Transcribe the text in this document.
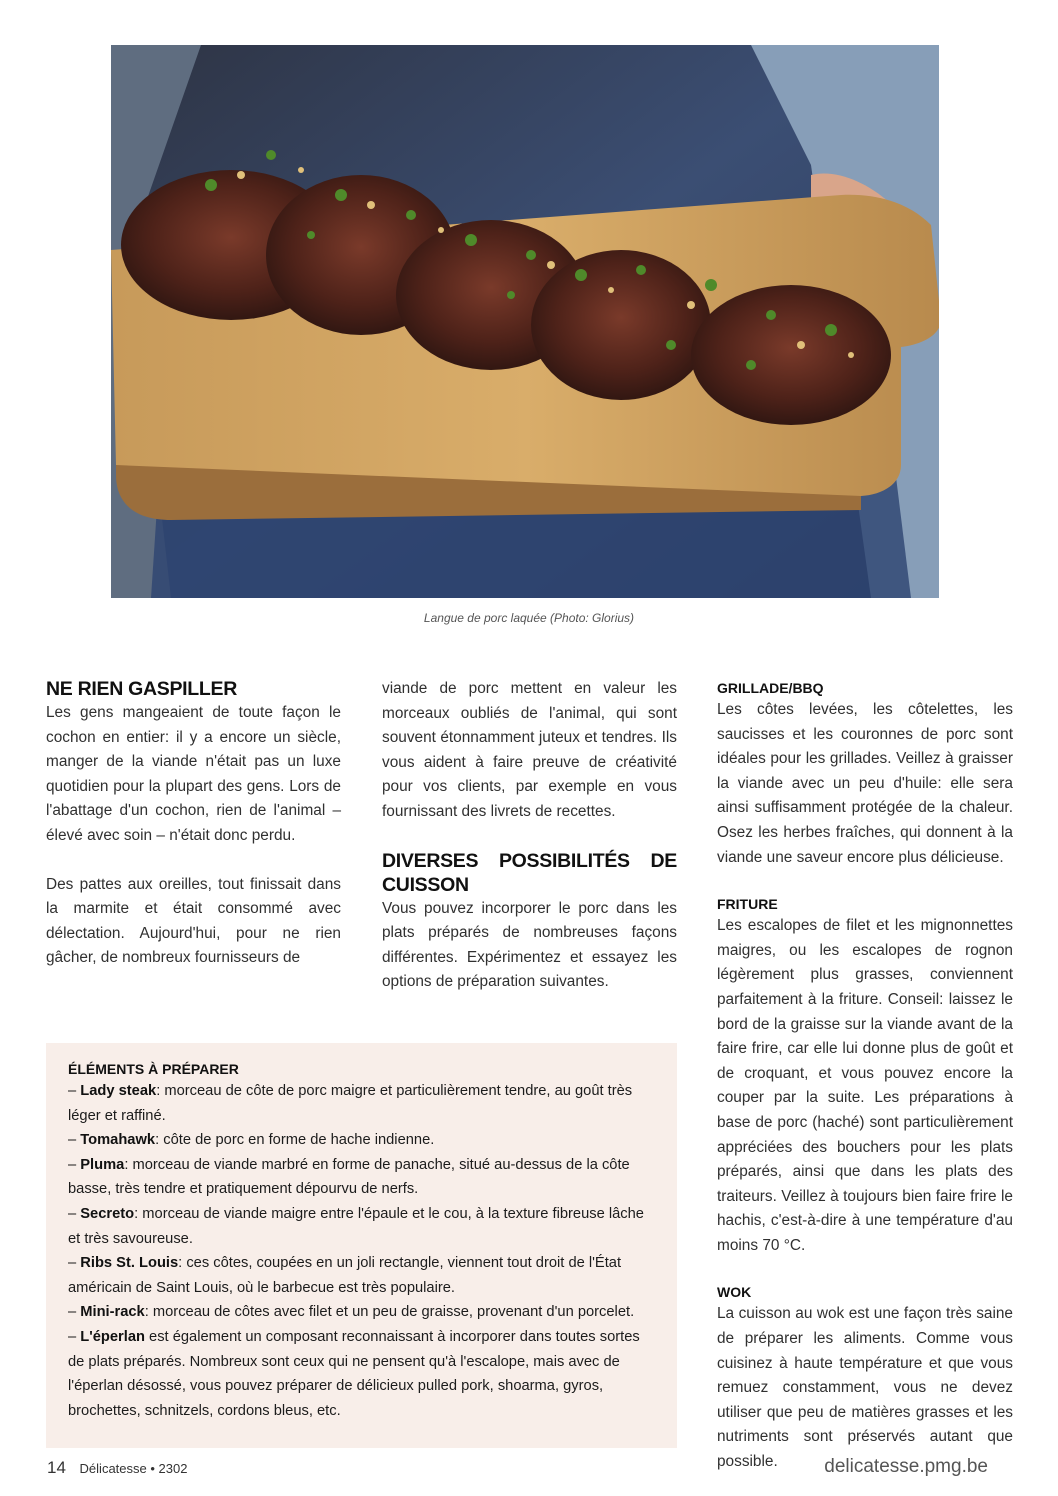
Langue de porc laquée (Photo: Glorius)

NE RIEN GASPILLER

Les gens mangeaient de toute façon le cochon en entier: il y a encore un siècle, manger de la viande n'était pas un luxe quotidien pour la plupart des gens. Lors de l'abattage d'un cochon, rien de l'animal – élevé avec soin – n'était donc perdu.

Des pattes aux oreilles, tout finissait dans la marmite et était consommé avec délectation. Aujourd'hui, pour ne rien gâcher, de nombreux fournisseurs de

viande de porc mettent en valeur les morceaux oubliés de l'animal, qui sont souvent étonnamment juteux et tendres. Ils vous aident à faire preuve de créativité pour vos clients, par exemple en vous fournissant des livrets de recettes.

DIVERSES POSSIBILITÉS DE CUISSON

Vous pouvez incorporer le porc dans les plats préparés de nombreuses façons différentes. Expérimentez et essayez les options de préparation suivantes.

GRILLADE/BBQ

Les côtes levées, les côtelettes, les saucisses et les couronnes de porc sont idéales pour les grillades. Veillez à graisser la viande avec un peu d'huile: elle sera ainsi suffisamment protégée de la chaleur. Osez les herbes fraîches, qui donnent à la viande une saveur encore plus délicieuse.

FRITURE

Les escalopes de filet et les mignonnettes maigres, ou les escalopes de rognon légèrement plus grasses, conviennent parfaitement à la friture. Conseil: laissez le bord de la graisse sur la viande avant de la faire frire, car elle lui donne plus de goût et de croquant, et vous pouvez encore la couper par la suite. Les préparations à base de porc (haché) sont particulièrement appréciées des bouchers pour les plats préparés, ainsi que dans les plats des traiteurs. Veillez à toujours bien faire frire le hachis, c'est-à-dire à une température d'au moins 70 °C.

WOK

La cuisson au wok est une façon très saine de préparer les aliments. Comme vous cuisinez à haute température et que vous remuez constamment, vous ne devez utiliser que peu de matières grasses et les nutriments sont préservés autant que possible.

ÉLÉMENTS À PRÉPARER

– Lady steak: morceau de côte de porc maigre et particulièrement tendre, au goût très léger et raffiné.

– Tomahawk: côte de porc en forme de hache indienne.

– Pluma: morceau de viande marbré en forme de panache, situé au-dessus de la côte basse, très tendre et pratiquement dépourvu de nerfs.

– Secreto: morceau de viande maigre entre l'épaule et le cou, à la texture fibreuse lâche et très savoureuse.

– Ribs St. Louis: ces côtes, coupées en un joli rectangle, viennent tout droit de l'État américain de Saint Louis, où le barbecue est très populaire.

– Mini-rack: morceau de côtes avec filet et un peu de graisse, provenant d'un porcelet.

– L'éperlan est également un composant reconnaissant à incorporer dans toutes sortes de plats préparés. Nombreux sont ceux qui ne pensent qu'à l'escalope, mais avec de l'éperlan désossé, vous pouvez préparer de délicieux pulled pork, shoarma, gyros, brochettes, schnitzels, cordons bleus, etc.

14 Délicatesse • 2302	delicatesse.pmg.be
